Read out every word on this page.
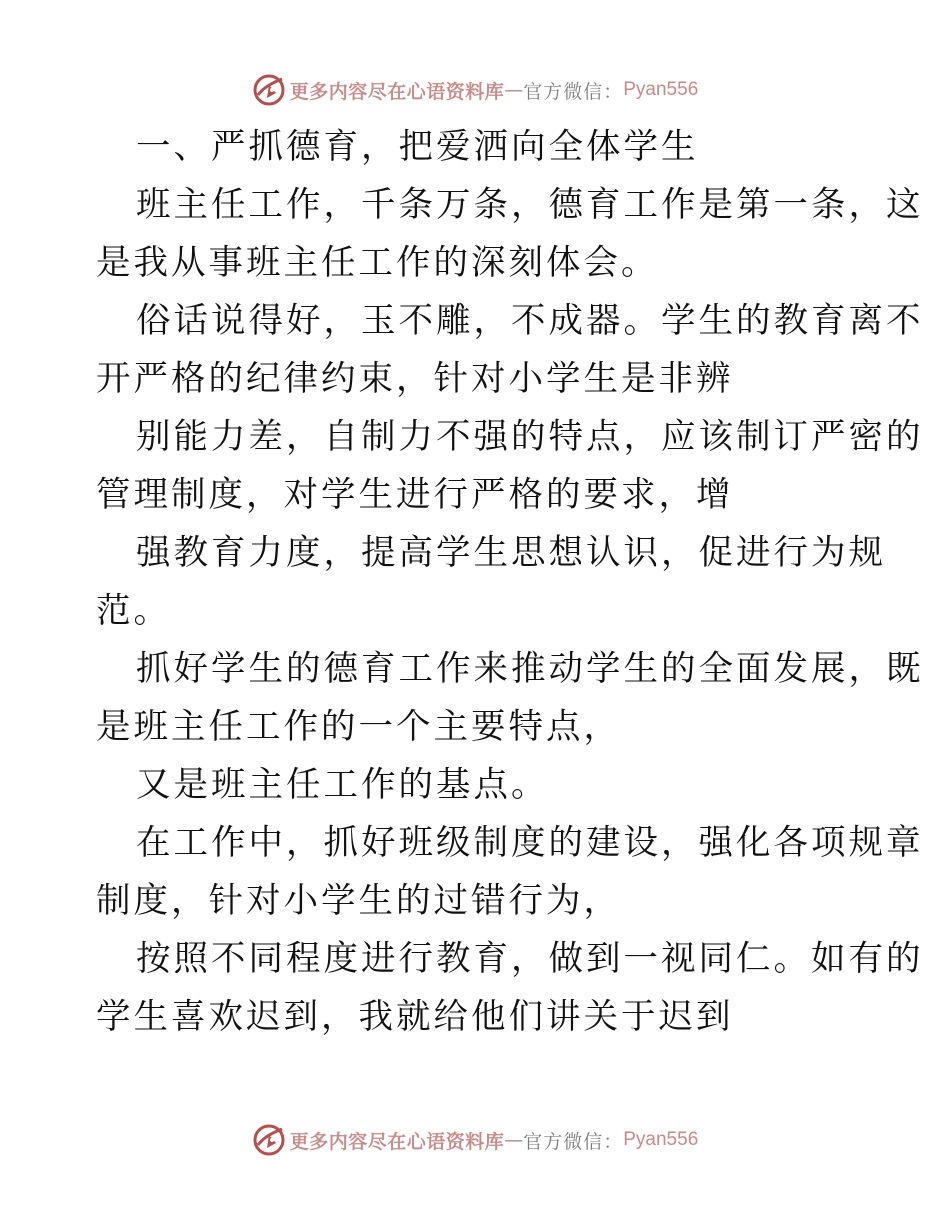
更多内容尽在心语资料库 — 官方微信： Pyan556
一、严抓德育，把爱洒向全体学生
班主任工作，千条万条，德育工作是第一条，这
是我从事班主任工作的深刻体会。
俗话说得好，玉不雕，不成器。学生的教育离不
开严格的纪律约束，针对小学生是非辨
别能力差，自制力不强的特点，应该制订严密的
管理制度，对学生进行严格的要求，增
强教育力度，提高学生思想认识，促进行为规
范。
抓好学生的德育工作来推动学生的全面发展，既
是班主任工作的一个主要特点，
又是班主任工作的基点。
在工作中，抓好班级制度的建设，强化各项规章
制度，针对小学生的过错行为，
按照不同程度进行教育，做到一视同仁。如有的
学生喜欢迟到，我就给他们讲关于迟到
更多内容尽在心语资料库 — 官方微信： Pyan556
